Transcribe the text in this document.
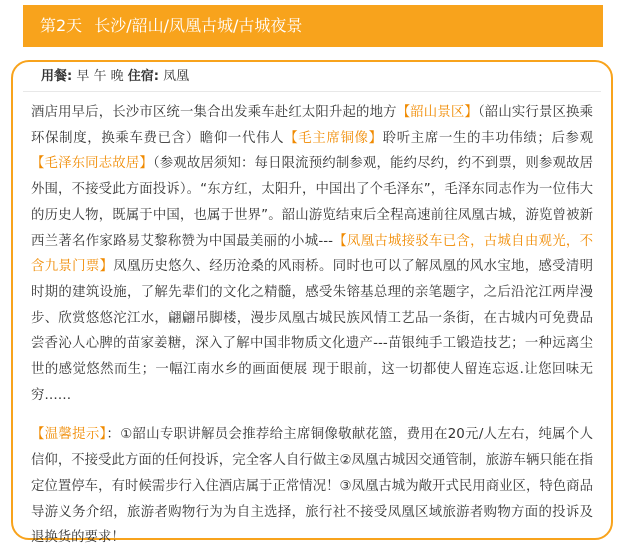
第2天 长沙/韶山/凤凰古城/古城夜景
用餐: 早 午 晚 住宿: 凤凰

酒店用早后，长沙市区统一集合出发乘车赴红太阳升起的地方【韶山景区】（韶山实行景区换乘环保制度，换乘车费已含）瞻仰一代伟人【毛主席铜像】聆听主席一生的丰功伟绩；后参观【毛泽东同志故居】（参观故居须知：每日限流预约制参观，能约尽约，约不到票，则参观故居外围，不接受此方面投诉）。“东方红，太阳升，中国出了个毛泽东”，毛泽东同志作为一位伟大的历史人物，既属于中国，也属于世界”。韶山游览结束后全程高速前往凤凰古城，游览曾被新西兰著名作家路易艾黎称赞为中国最美丽的小城---【凤凰古城接驳车已含，古城自由观光，不含九景门票】凤凰历史悠久、经历沧桑的风雨桥。同时也可以了解凤凰的风水宝地，感受清明时期的建筑设施，了解先辈们的文化之精髓，感受朱镕基总理的亲笔题字，之后沿沱江两岸漫步、欣赏悠悠沱江水，翩翩吊脚楼，漫步凤凰古城民族风情工艺品一条街，在古城内可免费品尝香沁人心脾的苗家姜糖，深入了解中国非物质文化遗产---苗银纯手工锻造技艺；一种远离尘世的感觉悠然而生；一幅江南水乡的画面便展 现于眼前，这一切都使人留连忘返.让您回味无穷……

【温馨提示】：①韶山专职讲解员会推荐给主席铜像敬献花篮，费用在20元/人左右，纯属个人信仰，不接受此方面的任何投诉，完全客人自行做主②凤凰古城因交通管制，旅游车辆只能在指定位置停车，有时候需步行入住酒店属于正常情况！③凤凰古城为敞开式民用商业区，特色商品导游义务介绍，旅游者购物行为为自主选择，旅行社不接受凤凰区域旅游者购物方面的投诉及退换货的要求！
